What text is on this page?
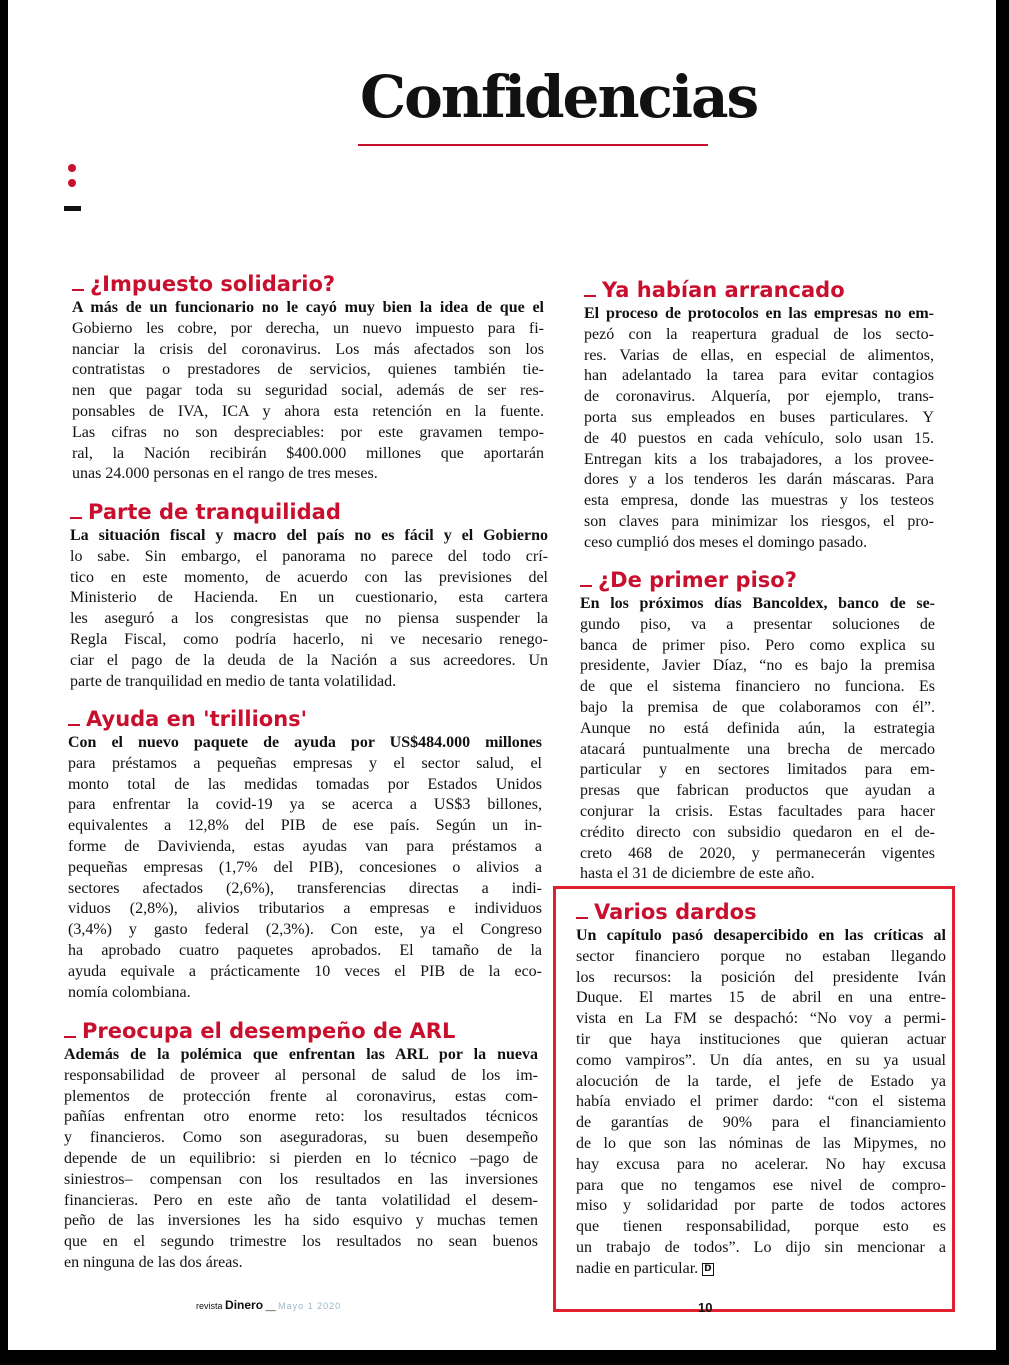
Confidencias
¿Impuesto solidario?
A más de un funcionario no le cayó muy bien la idea de que el
Gobierno les cobre, por derecha, un nuevo impuesto para fi-
nanciar la crisis del coronavirus. Los más afectados son los
contratistas o prestadores de servicios, quienes también tie-
nen que pagar toda su seguridad social, además de ser res-
ponsables de IVA, ICA y ahora esta retención en la fuente.
Las cifras no son despreciables: por este gravamen tempo-
ral, la Nación recibirán $400.000 millones que aportarán
unas 24.000 personas en el rango de tres meses.
Parte de tranquilidad
La situación fiscal y macro del país no es fácil y el Gobierno
lo sabe. Sin embargo, el panorama no parece del todo crí-
tico en este momento, de acuerdo con las previsiones del
Ministerio de Hacienda. En un cuestionario, esta cartera
les aseguró a los congresistas que no piensa suspender la
Regla Fiscal, como podría hacerlo, ni ve necesario renego-
ciar el pago de la deuda de la Nación a sus acreedores. Un
parte de tranquilidad en medio de tanta volatilidad.
Ayuda en 'trillions'
Con el nuevo paquete de ayuda por US$484.000 millones
para préstamos a pequeñas empresas y el sector salud, el
monto total de las medidas tomadas por Estados Unidos
para enfrentar la covid-19 ya se acerca a US$3 billones,
equivalentes a 12,8% del PIB de ese país. Según un in-
forme de Davivienda, estas ayudas van para préstamos a
pequeñas empresas (1,7% del PIB), concesiones o alivios a
sectores afectados (2,6%), transferencias directas a indi-
viduos (2,8%), alivios tributarios a empresas e individuos
(3,4%) y gasto federal (2,3%). Con este, ya el Congreso
ha aprobado cuatro paquetes aprobados. El tamaño de la
ayuda equivale a prácticamente 10 veces el PIB de la eco-
nomía colombiana.
Preocupa el desempeño de ARL
Además de la polémica que enfrentan las ARL por la nueva
responsabilidad de proveer al personal de salud de los im-
plementos de protección frente al coronavirus, estas com-
pañías enfrentan otro enorme reto: los resultados técnicos
y financieros. Como son aseguradoras, su buen desempeño
depende de un equilibrio: si pierden en lo técnico –pago de
siniestros– compensan con los resultados en las inversiones
financieras. Pero en este año de tanta volatilidad el desem-
peño de las inversiones les ha sido esquivo y muchas temen
que en el segundo trimestre los resultados no sean buenos
en ninguna de las dos áreas.
Ya habían arrancado
El proceso de protocolos en las empresas no em-
pezó con la reapertura gradual de los secto-
res. Varias de ellas, en especial de alimentos,
han adelantado la tarea para evitar contagios
de coronavirus. Alquería, por ejemplo, trans-
porta sus empleados en buses particulares. Y
de 40 puestos en cada vehículo, solo usan 15.
Entregan kits a los trabajadores, a los provee-
dores y a los tenderos les darán máscaras. Para
esta empresa, donde las muestras y los testeos
son claves para minimizar los riesgos, el pro-
ceso cumplió dos meses el domingo pasado.
¿De primer piso?
En los próximos días Bancoldex, banco de se-
gundo piso, va a presentar soluciones de
banca de primer piso. Pero como explica su
presidente, Javier Díaz, “no es bajo la premisa
de que el sistema financiero no funciona. Es
bajo la premisa de que colaboramos con él”.
Aunque no está definida aún, la estrategia
atacará puntualmente una brecha de mercado
particular y en sectores limitados para em-
presas que fabrican productos que ayudan a
conjurar la crisis. Estas facultades para hacer
crédito directo con subsidio quedaron en el de-
creto 468 de 2020, y permanecerán vigentes
hasta el 31 de diciembre de este año.
Varios dardos
Un capítulo pasó desapercibido en las críticas al
sector financiero porque no estaban llegando
los recursos: la posición del presidente Iván
Duque. El martes 15 de abril en una entre-
vista en La FM se despachó: “No voy a permi-
tir que haya instituciones que quieran actuar
como vampiros”. Un día antes, en su ya usual
alocución de la tarde, el jefe de Estado ya
había enviado el primer dardo: “con el sistema
de garantías de 90% para el financiamiento
de lo que son las nóminas de las Mipymes, no
hay excusa para no acelerar. No hay excusa
para que no tengamos ese nivel de compro-
miso y solidaridad por parte de todos actores
que tienen responsabilidad, porque esto es
un trabajo de todos”. Lo dijo sin mencionar a
nadie en particular. D
revista Dinero __ Mayo 1 2020	10
